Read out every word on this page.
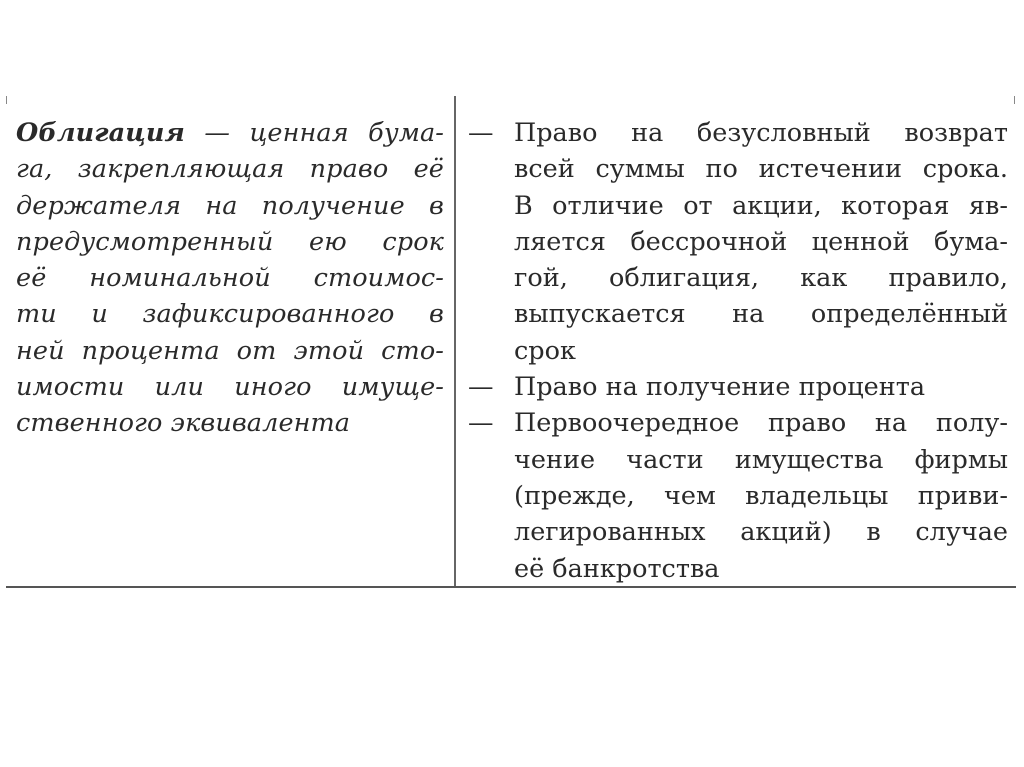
Облигация — ценная бума-
га, закрепляющая право её
держателя на получение в
предусмотренный ею срок
её номинальной стоимос-
ти и зафиксированного в
ней процента от этой сто-
имости или иного имуще-
ственного эквивалента
— Право на безусловный возврат
всей суммы по истечении срока.
В отличие от акции, которая яв-
ляется бессрочной ценной бума-
гой, облигация, как правило,
выпускается на определённый
срок
— Право на получение процента
— Первоочередное право на полу-
чение части имущества фирмы
(прежде, чем владельцы приви-
легированных акций) в случае
её банкротства
